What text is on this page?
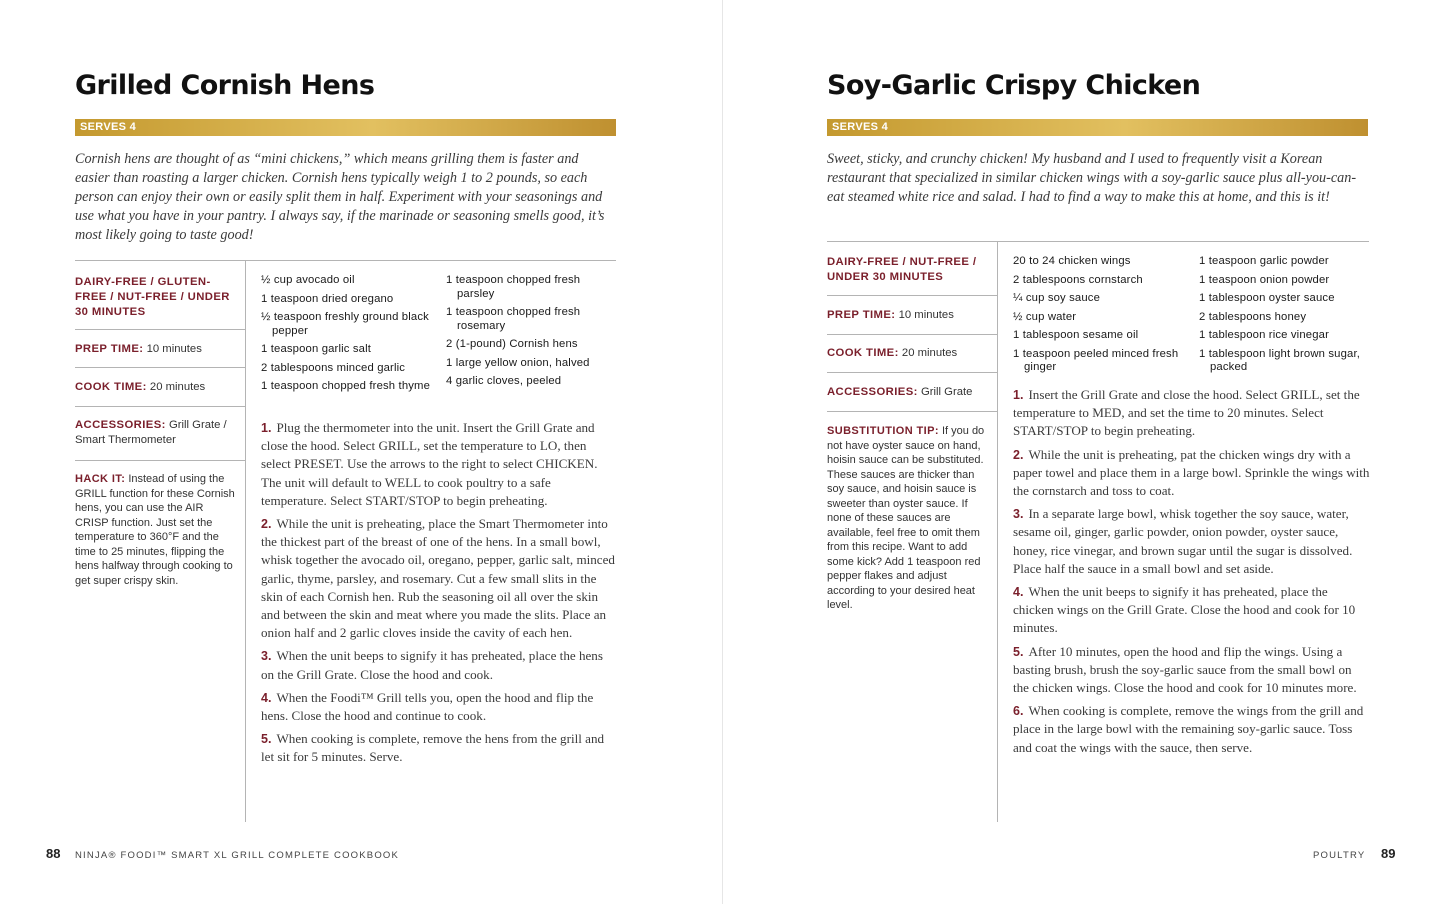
Grilled Cornish Hens
SERVES 4

Cornish hens are thought of as “mini chickens,” which means grilling them is faster and easier than roasting a larger chicken. Cornish hens typically weigh 1 to 2 pounds, so each person can enjoy their own or easily split them in half. Experiment with your seasonings and use what you have in your pantry. I always say, if the marinade or seasoning smells good, it’s most likely going to taste good!

DAIRY-FREE / GLUTEN-FREE / NUT-FREE / UNDER 30 MINUTES

PREP TIME: 10 minutes

COOK TIME: 20 minutes

ACCESSORIES: Grill Grate / Smart Thermometer

HACK IT: Instead of using the GRILL function for these Cornish hens, you can use the AIR CRISP function. Just set the temperature to 360°F and the time to 25 minutes, flipping the hens halfway through cooking to get super crispy skin.

½ cup avocado oil
1 teaspoon dried oregano
½ teaspoon freshly ground black pepper
1 teaspoon garlic salt
2 tablespoons minced garlic
1 teaspoon chopped fresh thyme
1 teaspoon chopped fresh parsley
1 teaspoon chopped fresh rosemary
2 (1-pound) Cornish hens
1 large yellow onion, halved
4 garlic cloves, peeled
1. Plug the thermometer into the unit. Insert the Grill Grate and close the hood. Select GRILL, set the temperature to LO, then select PRESET. Use the arrows to the right to select CHICKEN. The unit will default to WELL to cook poultry to a safe temperature. Select START/STOP to begin preheating.
2. While the unit is preheating, place the Smart Thermometer into the thickest part of the breast of one of the hens. In a small bowl, whisk together the avocado oil, oregano, pepper, garlic salt, minced garlic, thyme, parsley, and rosemary. Cut a few small slits in the skin of each Cornish hen. Rub the seasoning oil all over the skin and between the skin and meat where you made the slits. Place an onion half and 2 garlic cloves inside the cavity of each hen.
3. When the unit beeps to signify it has preheated, place the hens on the Grill Grate. Close the hood and cook.
4. When the Foodi™ Grill tells you, open the hood and flip the hens. Close the hood and continue to cook.
5. When cooking is complete, remove the hens from the grill and let sit for 5 minutes. Serve.
88 NINJA® FOODI™ SMART XL GRILL COMPLETE COOKBOOK
Soy-Garlic Crispy Chicken
SERVES 4

Sweet, sticky, and crunchy chicken! My husband and I used to frequently visit a Korean restaurant that specialized in similar chicken wings with a soy-garlic sauce plus all-you-can-eat steamed white rice and salad. I had to find a way to make this at home, and this is it!

DAIRY-FREE / NUT-FREE / UNDER 30 MINUTES

PREP TIME: 10 minutes

COOK TIME: 20 minutes

ACCESSORIES: Grill Grate

SUBSTITUTION TIP: If you do not have oyster sauce on hand, hoisin sauce can be substituted. These sauces are thicker than soy sauce, and hoisin sauce is sweeter than oyster sauce. If none of these sauces are available, feel free to omit them from this recipe. Want to add some kick? Add 1 teaspoon red pepper flakes and adjust according to your desired heat level.

20 to 24 chicken wings
2 tablespoons cornstarch
¼ cup soy sauce
½ cup water
1 tablespoon sesame oil
1 teaspoon peeled minced fresh ginger
1 teaspoon garlic powder
1 teaspoon onion powder
1 tablespoon oyster sauce
2 tablespoons honey
1 tablespoon rice vinegar
1 tablespoon light brown sugar, packed
1. Insert the Grill Grate and close the hood. Select GRILL, set the temperature to MED, and set the time to 20 minutes. Select START/STOP to begin preheating.
2. While the unit is preheating, pat the chicken wings dry with a paper towel and place them in a large bowl. Sprinkle the wings with the cornstarch and toss to coat.
3. In a separate large bowl, whisk together the soy sauce, water, sesame oil, ginger, garlic powder, onion powder, oyster sauce, honey, rice vinegar, and brown sugar until the sugar is dissolved. Place half the sauce in a small bowl and set aside.
4. When the unit beeps to signify it has preheated, place the chicken wings on the Grill Grate. Close the hood and cook for 10 minutes.
5. After 10 minutes, open the hood and flip the wings. Using a basting brush, brush the soy-garlic sauce from the small bowl on the chicken wings. Close the hood and cook for 10 minutes more.
6. When cooking is complete, remove the wings from the grill and place in the large bowl with the remaining soy-garlic sauce. Toss and coat the wings with the sauce, then serve.
POULTRY 89
